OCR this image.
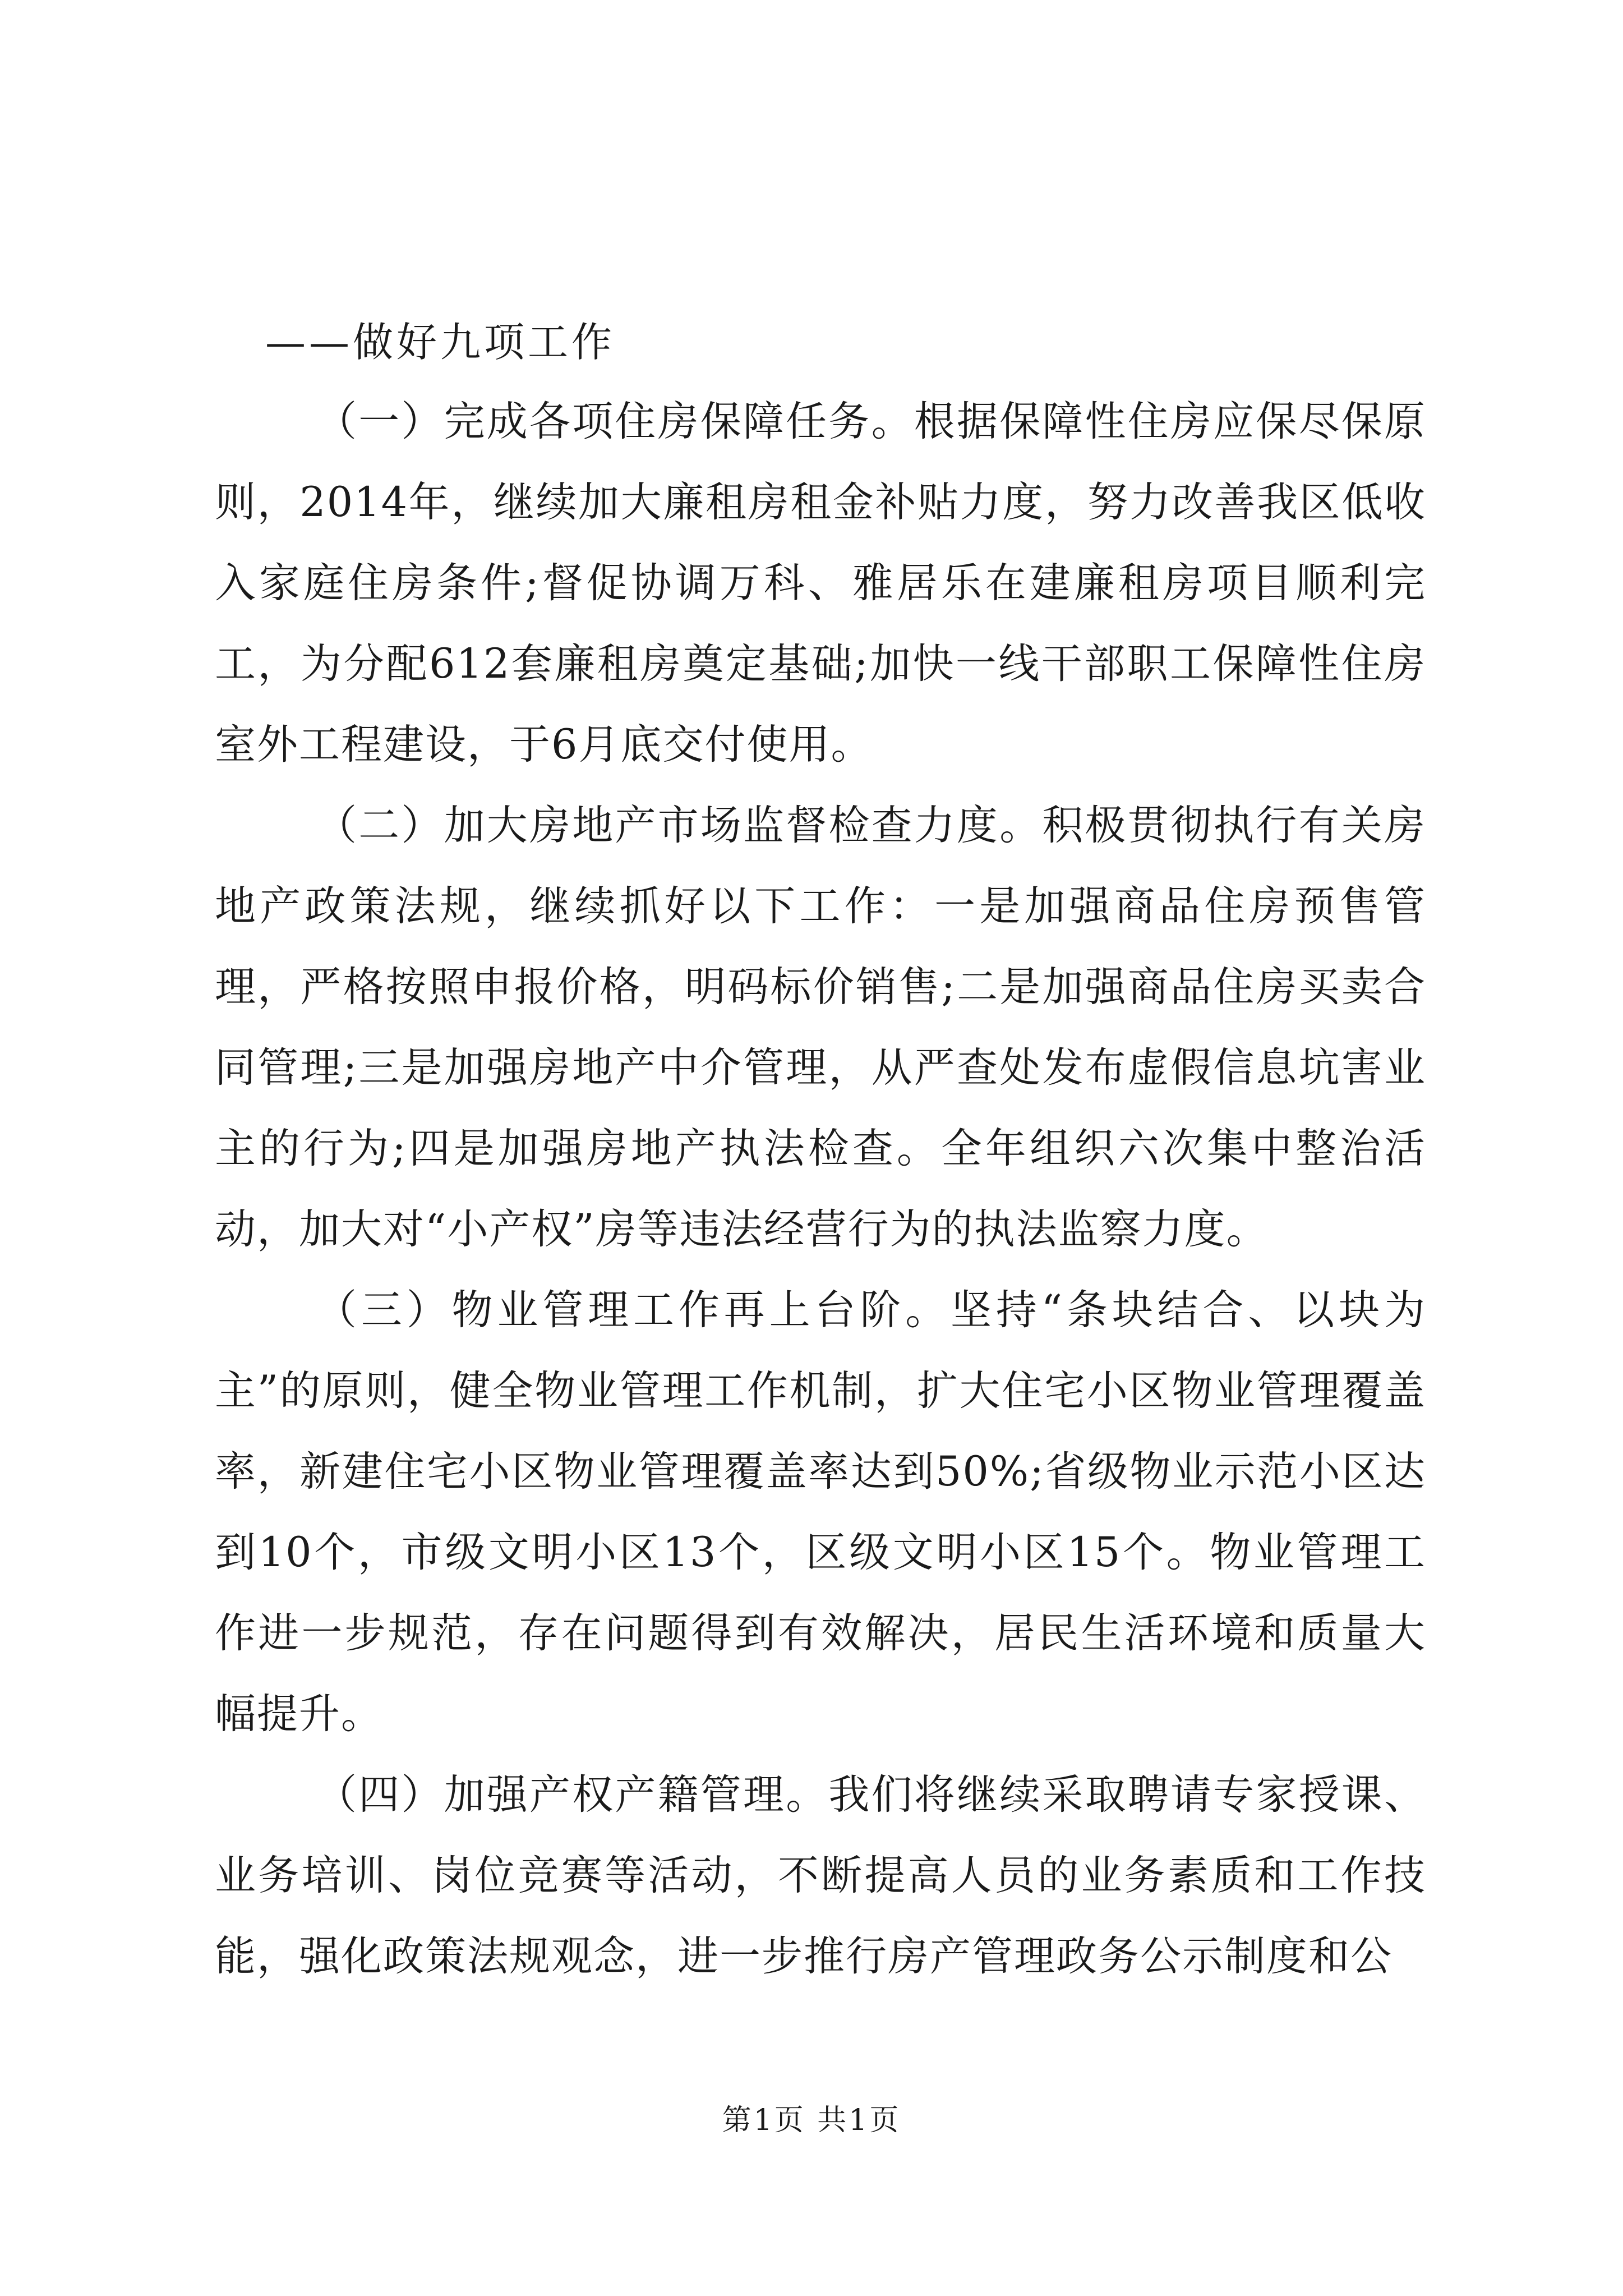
——做好九项工作

（一）完成各项住房保障任务。根据保障性住房应保尽保原则，2014年，继续加大廉租房租金补贴力度，努力改善我区低收入家庭住房条件;督促协调万科、雅居乐在建廉租房项目顺利完工，为分配612套廉租房奠定基础;加快一线干部职工保障性住房室外工程建设，于6月底交付使用。

（二）加大房地产市场监督检查力度。积极贯彻执行有关房地产政策法规，继续抓好以下工作：一是加强商品住房预售管理，严格按照申报价格，明码标价销售;二是加强商品住房买卖合同管理;三是加强房地产中介管理，从严查处发布虚假信息坑害业主的行为;四是加强房地产执法检查。全年组织六次集中整治活动，加大对“小产权”房等违法经营行为的执法监察力度。

（三）物业管理工作再上台阶。坚持“条块结合、以块为主”的原则，健全物业管理工作机制，扩大住宅小区物业管理覆盖率，新建住宅小区物业管理覆盖率达到50%;省级物业示范小区达到10个，市级文明小区13个，区级文明小区15个。物业管理工作进一步规范，存在问题得到有效解决，居民生活环境和质量大幅提升。

（四）加强产权产籍管理。我们将继续采取聘请专家授课、业务培训、岗位竞赛等活动，不断提高人员的业务素质和工作技能，强化政策法规观念，进一步推行房产管理政务公示制度和公

第1页 共1页
